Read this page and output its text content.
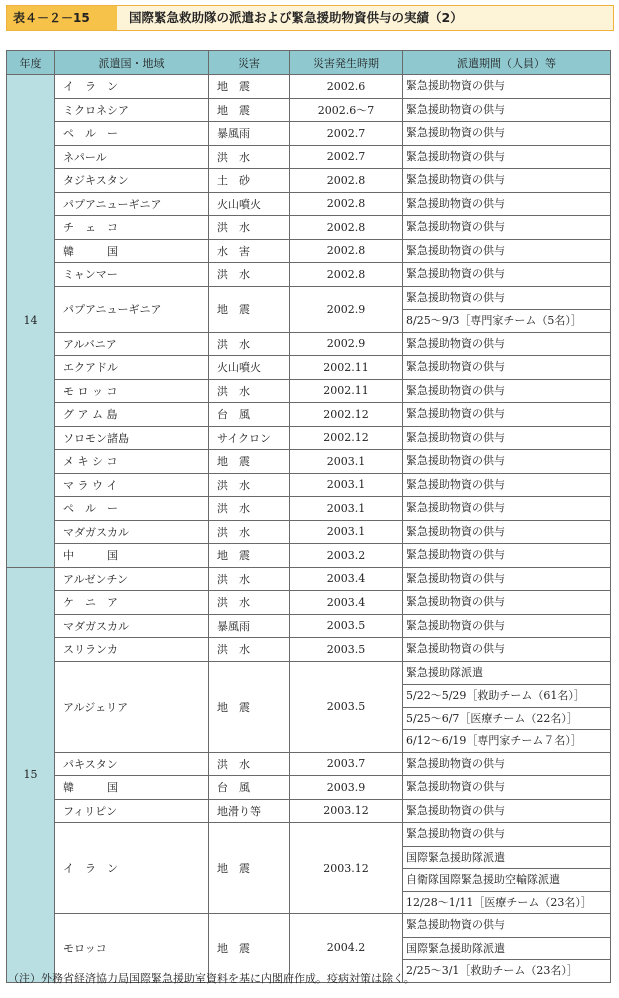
表４－２－15	国際緊急救助隊の派遣および緊急援助物資供与の実績（2）
年度	派遣国・地域	災害	災害発生時期	派遣期間（人員）等
14	イ　ラ　ン	地　震	2002.6	緊急援助物資の供与

	ミクロネシア	地　震	2002.6～7	緊急援助物資の供与

	ペ　ル　ー	暴風雨	2002.7	緊急援助物資の供与

	ネパール	洪　水	2002.7	緊急援助物資の供与

	タジキスタン	土　砂	2002.8	緊急援助物資の供与

	パプアニューギニア	火山噴火	2002.8	緊急援助物資の供与

	チ　ェ　コ	洪　水	2002.8	緊急援助物資の供与

	韓　　　国	水　害	2002.8	緊急援助物資の供与

	ミャンマー	洪　水	2002.8	緊急援助物資の供与

	パプアニューギニア	地　震	2002.9	緊急援助物資の供与
8/25～9/3［専門家チーム（5名）］

	アルバニア	洪　水	2002.9	緊急援助物資の供与

	エクアドル	火山噴火	2002.11	緊急援助物資の供与

	モ ロ ッ コ	洪　水	2002.11	緊急援助物資の供与

	グ ア ム 島	台　風	2002.12	緊急援助物資の供与

	ソロモン諸島	サイクロン	2002.12	緊急援助物資の供与

	メ キ シ コ	地　震	2003.1	緊急援助物資の供与

	マ ラ ウ イ	洪　水	2003.1	緊急援助物資の供与

	ペ　ル　ー	洪　水	2003.1	緊急援助物資の供与

	マダガスカル	洪　水	2003.1	緊急援助物資の供与

	中　　　国	地　震	2003.2	緊急援助物資の供与

15	アルゼンチン	洪　水	2003.4	緊急援助物資の供与

	ケ　ニ　ア	洪　水	2003.4	緊急援助物資の供与

	マダガスカル	暴風雨	2003.5	緊急援助物資の供与

	スリランカ	洪　水	2003.5	緊急援助物資の供与

	アルジェリア	地　震	2003.5	緊急援助隊派遣
5/22～5/29［救助チーム（61名）］
5/25～6/7［医療チーム（22名）］
6/12～6/19［専門家チーム７名）］

	パキスタン	洪　水	2003.7	緊急援助物資の供与

	韓　　　国	台　風	2003.9	緊急援助物資の供与

	フィリピン	地滑り等	2003.12	緊急援助物資の供与

	イ　ラ　ン	地　震	2003.12	緊急援助物資の供与
国際緊急援助隊派遣
自衛隊国際緊急援助空輸隊派遣
12/28～1/11［医療チーム（23名）］

	モロッコ	地　震	2004.2	緊急援助物資の供与
国際緊急援助隊派遣
2/25～3/1［救助チーム（23名）］
（注）外務省経済協力局国際緊急援助室資料を基に内閣府作成。疫病対策は除く。
